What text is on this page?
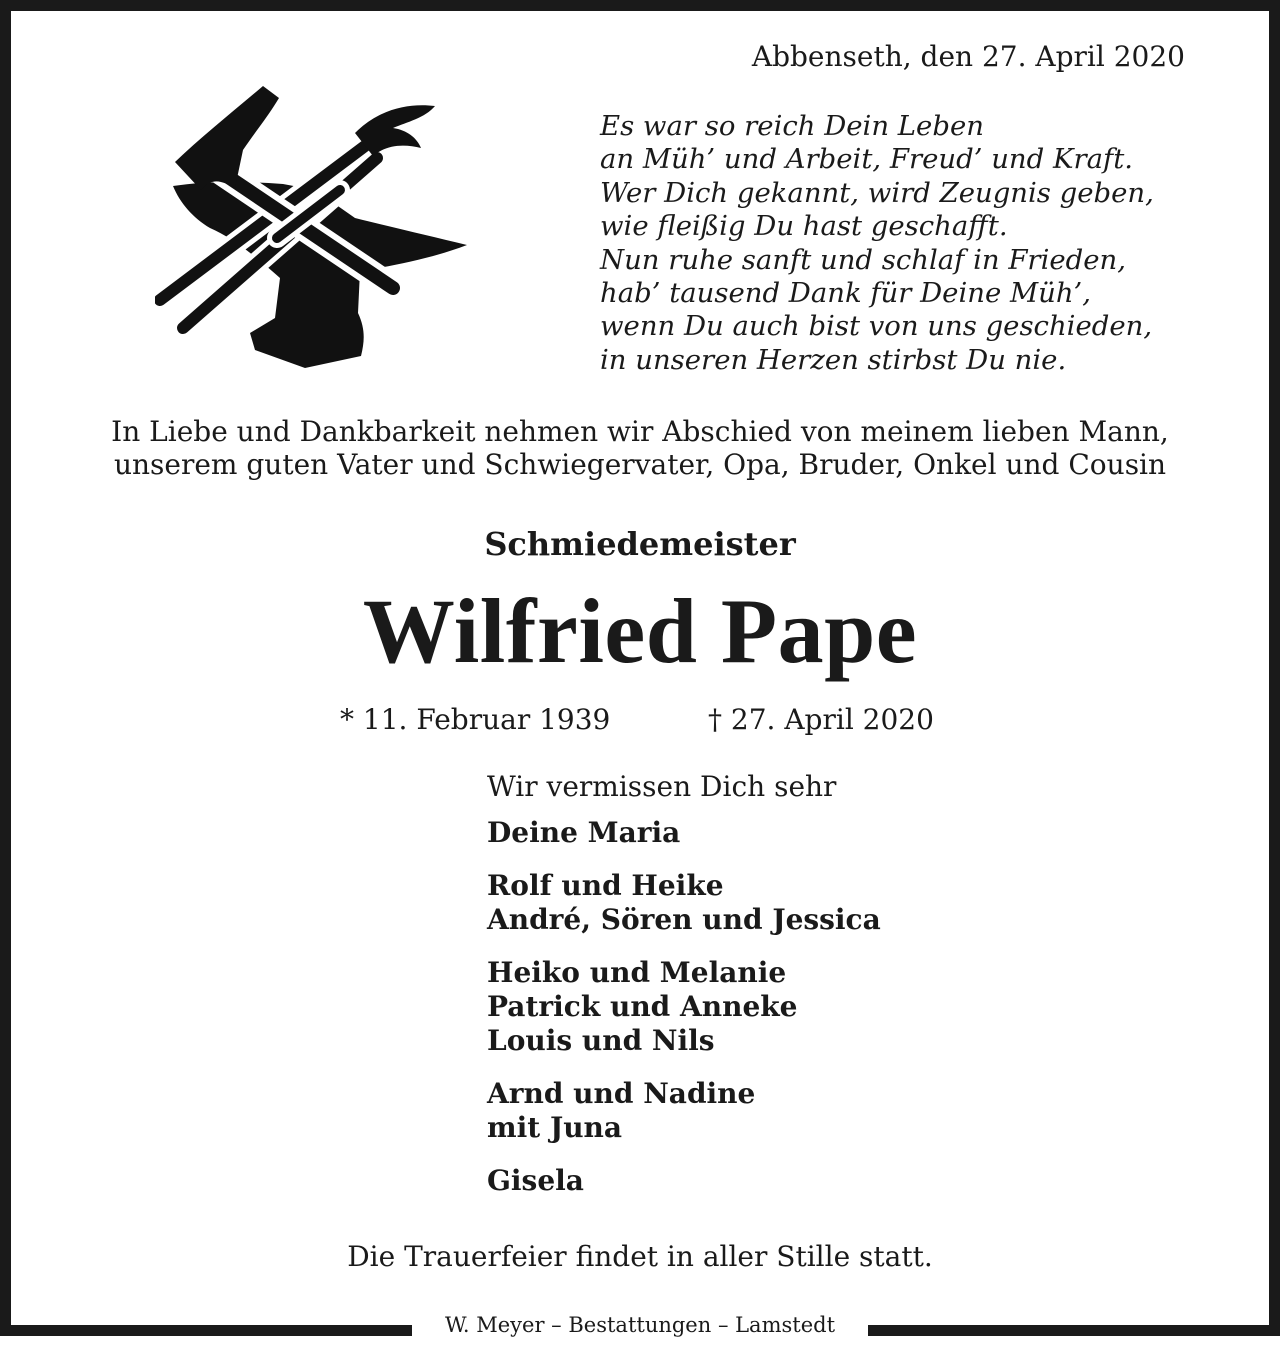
Abbenseth, den 27. April 2020
Es war so reich Dein Leben
an Müh’ und Arbeit, Freud’ und Kraft.
Wer Dich gekannt, wird Zeugnis geben,
wie fleißig Du hast geschafft.
Nun ruhe sanft und schlaf in Frieden,
hab’ tausend Dank für Deine Müh’,
wenn Du auch bist von uns geschieden,
in unseren Herzen stirbst Du nie.
In Liebe und Dankbarkeit nehmen wir Abschied von meinem lieben Mann,
unserem guten Vater und Schwiegervater, Opa, Bruder, Onkel und Cousin
Schmiedemeister
Wilfried Pape
* 11. Februar 1939	† 27. April 2020
Wir vermissen Dich sehr
Deine Maria
Rolf und Heike
André, Sören und Jessica
Heiko und Melanie
Patrick und Anneke
Louis und Nils
Arnd und Nadine
mit Juna
Gisela
Die Trauerfeier findet in aller Stille statt.
W. Meyer – Bestattungen – Lamstedt
